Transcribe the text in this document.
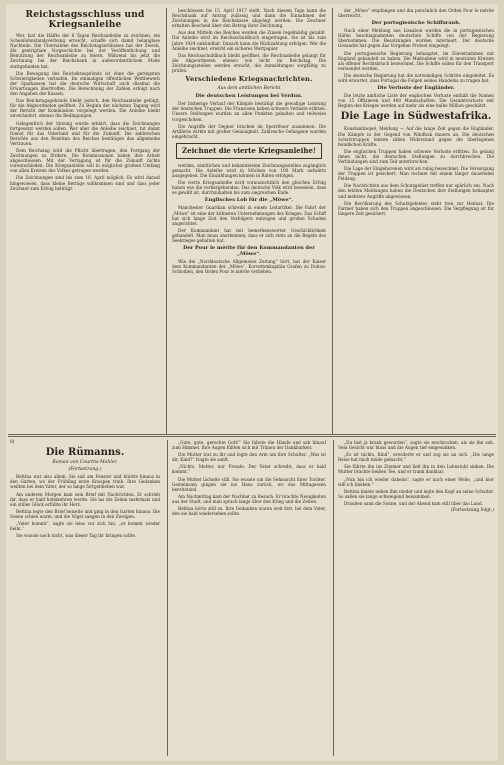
Reichstagsschluss und Kriegsanleihe

Wer, fast die Hälfte der 8 Tagen Reichsanleihe zu zeichnen, ein Scheinlohnstandsverbung erreicht, schaffe sich damit belanglose Nachteile. Die Übernahme des Reichstagsschlusses hat der Zweck, die gestrigtiale Vorgeschichte bei der Veröffentlichung und Benutzung der Reichsanleihe zu feiern. Während bis jetzt die Zeichnung bei der Reichsbank in außerordentlichem Maße stattgefunden hat.

Die Bewegung des Reichskriegsfonds ist ohne die geringsten Schwierigkeiten verlaufen. Im einmaligen öffentlichen Wettbewerb der Sparkassen hat die deutsche Wirtschaft auch diesmal die Erwartungen übertroffen. Die Berechnung der Zahlen erfolgt nach den Angaben der Kassen.

Das Reichstagsgebäude bleibt jedoch, den Reichsanleihe gefolgt, für die Abgeordneten geöffnet. Zu Beginn der nächsten Tagung wird der Bericht der Kommission vorgelegt werden. Die Anleihe bleibt unverändert, ebenso die Bedingungen.

Gelegentlich der Sitzung wurde erklärt, dass die Zeichnungen fortgesetzt werden sollen. Wer aber die Anleihe zeichnet, tut damit Dienst für das Vaterland und für die Zukunft. Die zahlreichen Berichte aus den Bezirken des Reiches bestätigen das allgemeine Vertrauen.

Dem Reichstag wird die Pflicht übertragen, den Fortgang der Zeichnungen zu fördern. Die Kommissionen haben ihre Arbeit abgeschlossen. Mit der Vertagung ist für die Zukunft nichts vorentschieden. Die Kriegsanleihe soll in möglichst großem Umfang von allen Kreisen des Volkes getragen werden.

Die Zeichnungen sind bis zum 16. April möglich. Es wird darauf hingewiesen, dass kleine Beträge willkommen sind und dass jeder Zeichner zum Erfolg beiträgt.

beschlossen bis 15. April 1917 stellt. Nach diesem Tage kann die Reichsbank auf Antrag zulässig und dann die Einnahmen der Zeichnungen in die Reichskasse abgelegt werden. Die Zeichner erhalten Bescheid über den Betrag ihrer Zeichnung.

Aus den Mitteln des Reiches werden die Zinsen regelmäßig gezahlt. Die Anleihe wird im Reichsschuldbuch eingetragen. Sie ist bis zum Jahre 1924 unkündbar. Danach kann die Rückzahlung erfolgen. Wer die Anleihe zeichnet, erwirbt ein sicheres Wertpapier.

Das Reichsschuldbuch bleibt geöffnet, die Reichsanleihe gelangt für die Abgeordneten ebenso wie nicht im Reichstag. Die Zeichnungsstellen werden ersucht, die Anmeldungen sorgfältig zu prüfen.

Verschiedene Kriegsnachrichten.
Aus dem amtlichen Bericht
Die deutschen Leistungen bei Verdun.

Der bisherige Verlauf der Kämpfe bestätigt die gewaltige Leistung der deutschen Truppen. Die Franzosen haben schwere Verluste erlitten. Unsere Stellungen wurden an allen Punkten gehalten und teilweise vorgeschoben.

Die Angriffe der Gegner brachen im Sperrfeuer zusammen. Die Artillerie wirkte mit großer Genauigkeit. Zahlreiche Gefangene wurden eingebracht.

Zeichnet die vierte Kriegsanleihe!

werden, sämtlichen und bekanntesten Zeichnungsstellen zugänglich gemacht. Die Anleihe wird in Stücken von 100 Mark aufwärts ausgegeben. Die Einzahlungen können in Raten erfolgen.

Die vierte Kriegsanleihe wird voraussichtlich den gleichen Erfolg haben wie die vorhergehenden. Das deutsche Volk wird beweisen, dass es gewillt ist, durchzuhalten bis zum siegreichen Ende.

Englisches Lob für die „Möwe“.

Manchester Guardian schreibt in einem Leitartikel: Die Fahrt der „Möwe“ ist eine der kühnsten Unternehmungen des Krieges. Das Schiff hat sich lange Zeit den Verfolgern entzogen und großen Schaden angerichtet.

Der Kommandant hat mit bemerkenswerter Geschicklichkeit gehandelt. Man muss anerkennen, dass er sich stets an die Regeln des Seekrieges gehalten hat.

Der Pour le mérite für den Kommandanten der „Möwe“.

Wie die „Norddeutsche Allgemeine Zeitung“ hört, hat der Kaiser dem Kommandanten der „Möwe“, Korvettenkapitän Grafen zu Dohna-Schlodien, den Orden Pour le mérite verliehen.

der „Möwe“ empfangen und ihn persönlich den Orden Pour le mérite überreicht.

Der portugiesische Schiffsraub.

Nach einer Meldung aus Lissabon wurden die in portugiesischen Häfen beschlagnahmten deutschen Schiffe von der Regierung übernommen. Die Besatzungen wurden interniert. Der deutsche Gesandte hat gegen das Vorgehen Protest eingelegt.

Die portugiesische Regierung behauptet, im Einvernehmen mit England gehandelt zu haben. Die Maßnahme wird in neutralen Kreisen als offener Rechtsbruch bezeichnet. Die Schiffe sollen für den Transport verwendet werden.

Die deutsche Regierung hat die notwendigen Schritte eingeleitet. Es wird erwartet, dass Portugal die Folgen seines Handelns zu tragen hat.

Die Verluste der Engländer.

Die letzte amtliche Liste der englischen Verluste enthält die Namen von 15 Offizieren und 400 Mannschaften. Die Gesamtverluste seit Beginn des Krieges werden auf mehr als eine halbe Million geschätzt.

Die Lage in Südwestafrika.

Konstantinopel, Meldung — Auf die lange Zeit gegen die Engländer. Die Kämpfe in der Gegend von Windhuk dauern an. Die deutschen Schutztruppen leisten zähen Widerstand gegen die überlegenen feindlichen Kräfte.

Die englischen Truppen haben schwere Verluste erlitten. Es gelang ihnen nicht, die deutschen Stellungen zu durchbrechen. Die Verbindungen sind zum Teil unterbrochen.

Die Lage der Eingeborenen wird als ruhig bezeichnet. Die Versorgung der Truppen ist gesichert. Man rechnet mit einem länger dauernden Feldzug.

Die Nachrichten aus dem Schutzgebiet treffen nur spärlich ein. Nach den letzten Meldungen haben die Deutschen ihre Stellungen behauptet und mehrere Angriffe abgewiesen.

Die Bevölkerung des Schutzgebietes steht treu zur Heimat. Die Farmer haben sich den Truppen angeschlossen. Die Verpflegung ist für längere Zeit gesichert.

8)
Die Rümanns.
Roman von Courths-Mahler.
(Fortsetzung.)

Bettina war also allein. Sie saß am Fenster und blickte hinaus in den Garten, wo der Frühling erste Knospen trieb. Ihre Gedanken weilten bei dem Vater, der so lange fortgeblieben war.

Am anderen Morgen kam sein Brief mit Nachrichten. Er schrieb ihr, dass er bald heimkehren werde. Sie las die Zeilen mehrmals und ein stilles Glück erfüllte ihr Herz.

Bettina legte den Brief beiseite und ging in den Garten hinaus. Die Sonne schien warm, und die Vögel sangen in den Zweigen.

„Vater kommt“, sagte sie leise vor sich hin, „er kommt wieder heim.“

Sie wusste noch nicht, was dieser Tag ihr bringen sollte.

„Gute, gute, gerechte Gott!“ Sie faltete die Hände und sah hinauf zum Himmel. Ihre Augen füllten sich mit Tränen der Dankbarkeit.

Die Mutter trat zu ihr und legte den Arm um ihre Schulter. „Was ist dir, Kind?“ fragte sie sanft.

„Nichts, Mutter, nur Freude. Der Vater schreibt, dass er bald kommt.“

Die Mutter lächelte still. Sie wusste um die Sehnsucht ihrer Tochter. Gemeinsam gingen sie ins Haus zurück, wo das Mittagessen bereitstand.

Am Nachmittag kam der Nachbar zu Besuch. Er brachte Neuigkeiten aus der Stadt, und man sprach lange über den Krieg und die Zeiten.

Bettina hörte still zu. Ihre Gedanken waren weit fort, bei dem Vater, den sie bald wiedersehen sollte.

„Du bist ja krank geworden“, sagte sie erschrocken, als sie ihn sah. Sein Gesicht war blass und die Augen tief eingesunken.

„Es ist nichts, Kind“, erwiderte er und zog sie an sich. „Die lange Reise hat mich müde gemacht.“

Sie führte ihn ins Zimmer und ließ ihn in den Lehnstuhl sinken. Die Mutter brachte heißen Tee, und er trank dankbar.

„Nun bin ich wieder daheim“, sagte er nach einer Weile, „und hier will ich bleiben.“

Bettina kniete neben ihm nieder und legte den Kopf an seine Schulter. So saßen sie lange schweigend beisammen.

Draußen sank die Sonne, und der Abend kam still über das Land.

(Fortsetzung folgt.)
